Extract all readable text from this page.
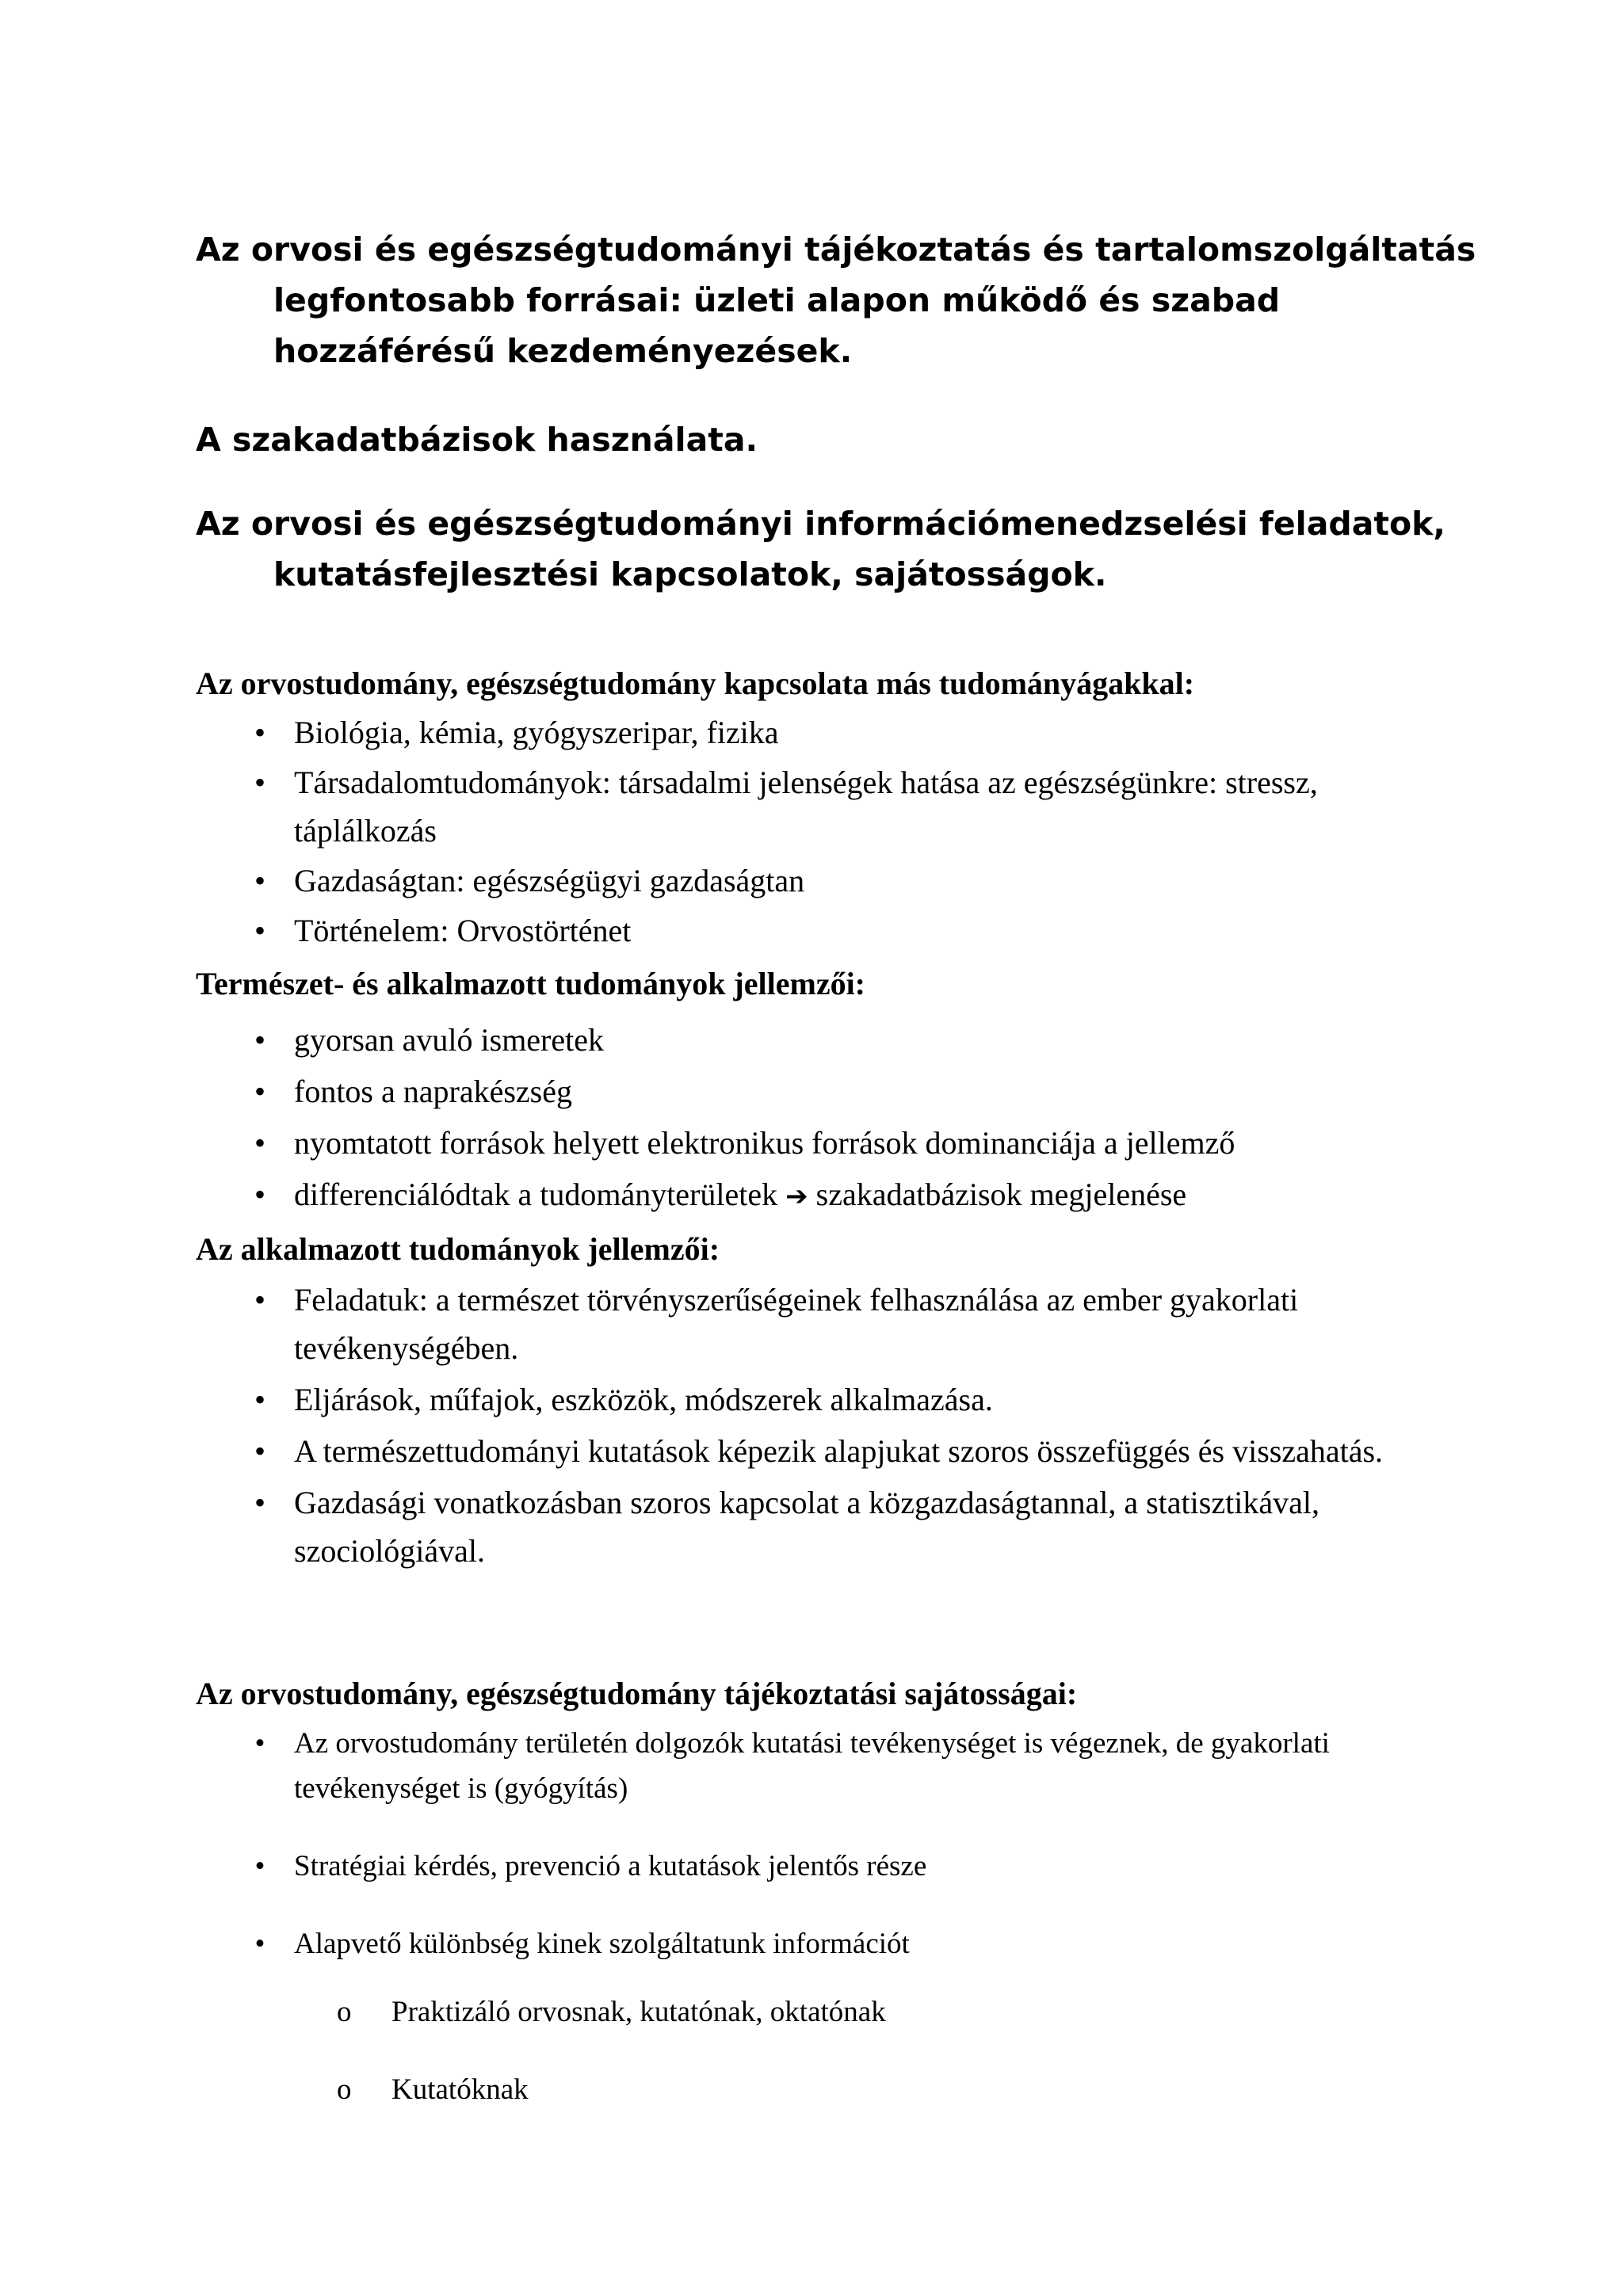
Az orvosi és egészségtudományi tájékoztatás és tartalomszolgáltatás legfontosabb forrásai: üzleti alapon működő és szabad hozzáférésű kezdeményezések.

A szakadatbázisok használata.

Az orvosi és egészségtudományi információmenedzselési feladatok, kutatásfejlesztési kapcsolatok, sajátosságok.

Az orvostudomány, egészségtudomány kapcsolata más tudományágakkal:

• Biológia, kémia, gyógyszeripar, fizika
• Társadalomtudományok: társadalmi jelenségek hatása az egészségünkre: stressz, táplálkozás
• Gazdaságtan: egészségügyi gazdaságtan
• Történelem: Orvostörténet

Természet- és alkalmazott tudományok jellemzői:

• gyorsan avuló ismeretek
• fontos a naprakészség
• nyomtatott források helyett elektronikus források dominanciája a jellemző
• differenciálódtak a tudományterületek ➔ szakadatbázisok megjelenése

Az alkalmazott tudományok jellemzői:

• Feladatuk: a természet törvényszerűségeinek felhasználása az ember gyakorlati tevékenységében.
• Eljárások, műfajok, eszközök, módszerek alkalmazása.
• A természettudományi kutatások képezik alapjukat szoros összefüggés és visszahatás.
• Gazdasági vonatkozásban szoros kapcsolat a közgazdaságtannal, a statisztikával, szociológiával.

Az orvostudomány, egészségtudomány tájékoztatási sajátosságai:

• Az orvostudomány területén dolgozók kutatási tevékenységet is végeznek, de gyakorlati tevékenységet is (gyógyítás)
• Stratégiai kérdés, prevenció a kutatások jelentős része
• Alapvető különbség kinek szolgáltatunk információt
o Praktizáló orvosnak, kutatónak, oktatónak
o Kutatóknak
